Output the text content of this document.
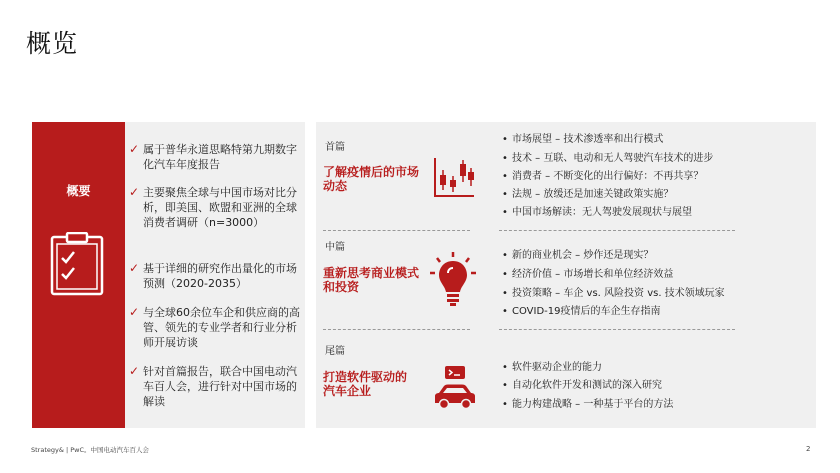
概览
概要
✓ 属于普华永道思略特第九期数字化汽车年度报告
✓ 主要聚焦全球与中国市场对比分析，即美国、欧盟和亚洲的全球消费者调研（n=3000）
✓ 基于详细的研究作出量化的市场预测（2020-2035）
✓ 与全球60余位车企和供应商的高管、领先的专业学者和行业分析师开展访谈
✓ 针对首篇报告，联合中国电动汽车百人会，进行针对中国市场的解读
首篇
了解疫情后的市场动态
• 市场展望 – 技术渗透率和出行模式
• 技术 – 互联、电动和无人驾驶汽车技术的进步
• 消费者 – 不断变化的出行偏好：不再共享？
• 法规 – 放缓还是加速关键政策实施？
• 中国市场解读：无人驾驶发展现状与展望
中篇
重新思考商业模式和投资
• 新的商业机会 – 炒作还是现实？
• 经济价值 – 市场增长和单位经济效益
• 投资策略 – 车企 vs. 风险投资 vs. 技术领域玩家
• COVID-19疫情后的车企生存指南
尾篇
打造软件驱动的汽车企业
• 软件驱动企业的能力
• 自动化软件开发和测试的深入研究
• 能力构建战略 – 一种基于平台的方法
Strategy& | PwC。中国电动汽车百人会	2
